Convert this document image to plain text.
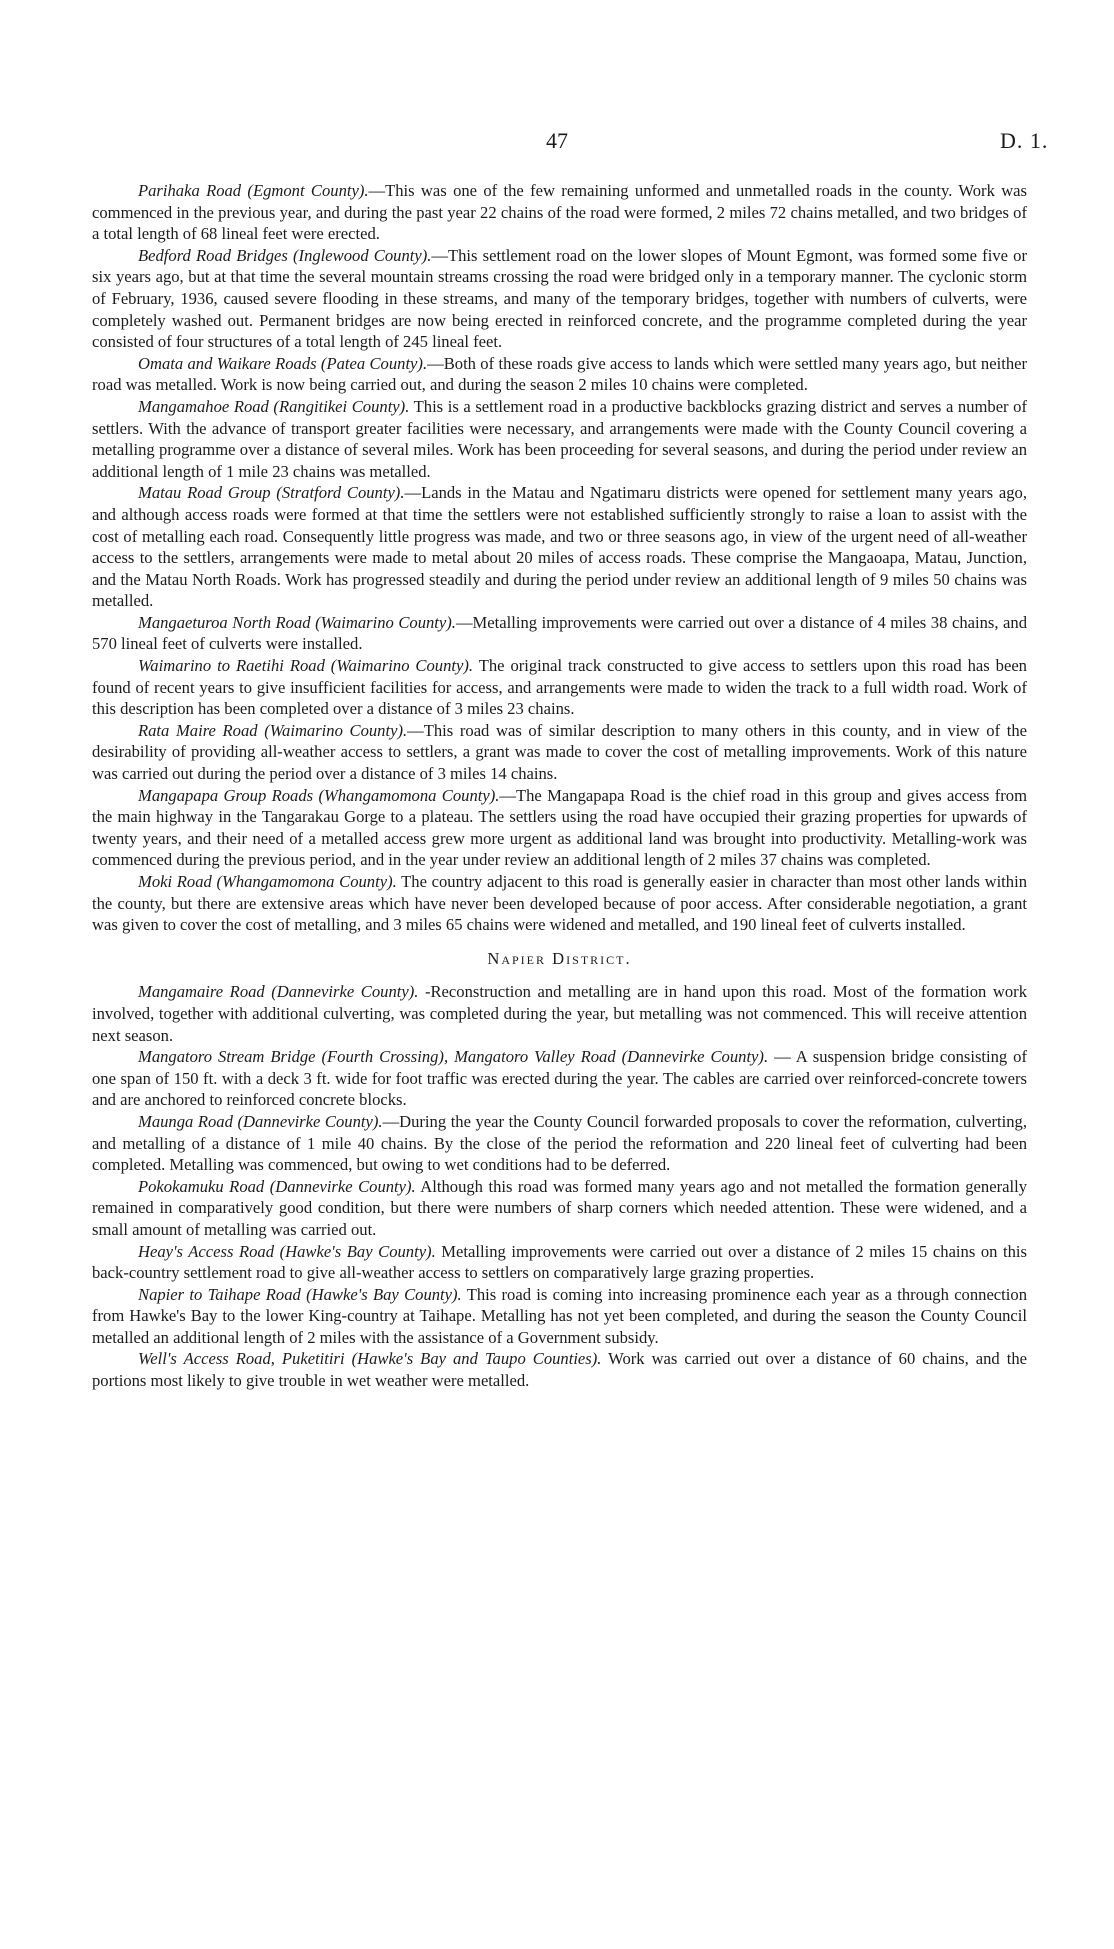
47	D. 1.

Parihaka Road (Egmont County).—This was one of the few remaining unformed and unmetalled roads in the county. Work was commenced in the previous year, and during the past year 22 chains of the road were formed, 2 miles 72 chains metalled, and two bridges of a total length of 68 lineal feet were erected.

Bedford Road Bridges (Inglewood County).—This settlement road on the lower slopes of Mount Egmont, was formed some five or six years ago, but at that time the several mountain streams crossing the road were bridged only in a temporary manner. The cyclonic storm of February, 1936, caused severe flooding in these streams, and many of the temporary bridges, together with numbers of culverts, were completely washed out. Permanent bridges are now being erected in reinforced concrete, and the programme completed during the year consisted of four structures of a total length of 245 lineal feet.

Omata and Waikare Roads (Patea County).—Both of these roads give access to lands which were settled many years ago, but neither road was metalled. Work is now being carried out, and during the season 2 miles 10 chains were completed.

Mangamahoe Road (Rangitikei County). This is a settlement road in a productive backblocks grazing district and serves a number of settlers. With the advance of transport greater facilities were necessary, and arrangements were made with the County Council covering a metalling programme over a distance of several miles. Work has been proceeding for several seasons, and during the period under review an additional length of 1 mile 23 chains was metalled.

Matau Road Group (Stratford County).—Lands in the Matau and Ngatimaru districts were opened for settlement many years ago, and although access roads were formed at that time the settlers were not established sufficiently strongly to raise a loan to assist with the cost of metalling each road. Consequently little progress was made, and two or three seasons ago, in view of the urgent need of all-weather access to the settlers, arrangements were made to metal about 20 miles of access roads. These comprise the Mangaoapa, Matau, Junction, and the Matau North Roads. Work has progressed steadily and during the period under review an additional length of 9 miles 50 chains was metalled.

Mangaeturoa North Road (Waimarino County).—Metalling improvements were carried out over a distance of 4 miles 38 chains, and 570 lineal feet of culverts were installed.

Waimarino to Raetihi Road (Waimarino County). The original track constructed to give access to settlers upon this road has been found of recent years to give insufficient facilities for access, and arrangements were made to widen the track to a full width road. Work of this description has been completed over a distance of 3 miles 23 chains.

Rata Maire Road (Waimarino County).—This road was of similar description to many others in this county, and in view of the desirability of providing all-weather access to settlers, a grant was made to cover the cost of metalling improvements. Work of this nature was carried out during the period over a distance of 3 miles 14 chains.

Mangapapa Group Roads (Whangamomona County).—The Mangapapa Road is the chief road in this group and gives access from the main highway in the Tangarakau Gorge to a plateau. The settlers using the road have occupied their grazing properties for upwards of twenty years, and their need of a metalled access grew more urgent as additional land was brought into productivity. Metalling-work was commenced during the previous period, and in the year under review an additional length of 2 miles 37 chains was completed.

Moki Road (Whangamomona County). The country adjacent to this road is generally easier in character than most other lands within the county, but there are extensive areas which have never been developed because of poor access. After considerable negotiation, a grant was given to cover the cost of metalling, and 3 miles 65 chains were widened and metalled, and 190 lineal feet of culverts installed.

Napier District.

Mangamaire Road (Dannevirke County). -Reconstruction and metalling are in hand upon this road. Most of the formation work involved, together with additional culverting, was completed during the year, but metalling was not commenced. This will receive attention next season.

Mangatoro Stream Bridge (Fourth Crossing), Mangatoro Valley Road (Dannevirke County). — A suspension bridge consisting of one span of 150 ft. with a deck 3 ft. wide for foot traffic was erected during the year. The cables are carried over reinforced-concrete towers and are anchored to reinforced concrete blocks.

Maunga Road (Dannevirke County).—During the year the County Council forwarded proposals to cover the reformation, culverting, and metalling of a distance of 1 mile 40 chains. By the close of the period the reformation and 220 lineal feet of culverting had been completed. Metalling was commenced, but owing to wet conditions had to be deferred.

Pokokamuku Road (Dannevirke County). Although this road was formed many years ago and not metalled the formation generally remained in comparatively good condition, but there were numbers of sharp corners which needed attention. These were widened, and a small amount of metalling was carried out.

Heay's Access Road (Hawke's Bay County). Metalling improvements were carried out over a distance of 2 miles 15 chains on this back-country settlement road to give all-weather access to settlers on comparatively large grazing properties.

Napier to Taihape Road (Hawke's Bay County). This road is coming into increasing prominence each year as a through connection from Hawke's Bay to the lower King-country at Taihape. Metalling has not yet been completed, and during the season the County Council metalled an additional length of 2 miles with the assistance of a Government subsidy.

Well's Access Road, Puketitiri (Hawke's Bay and Taupo Counties). Work was carried out over a distance of 60 chains, and the portions most likely to give trouble in wet weather were metalled.
